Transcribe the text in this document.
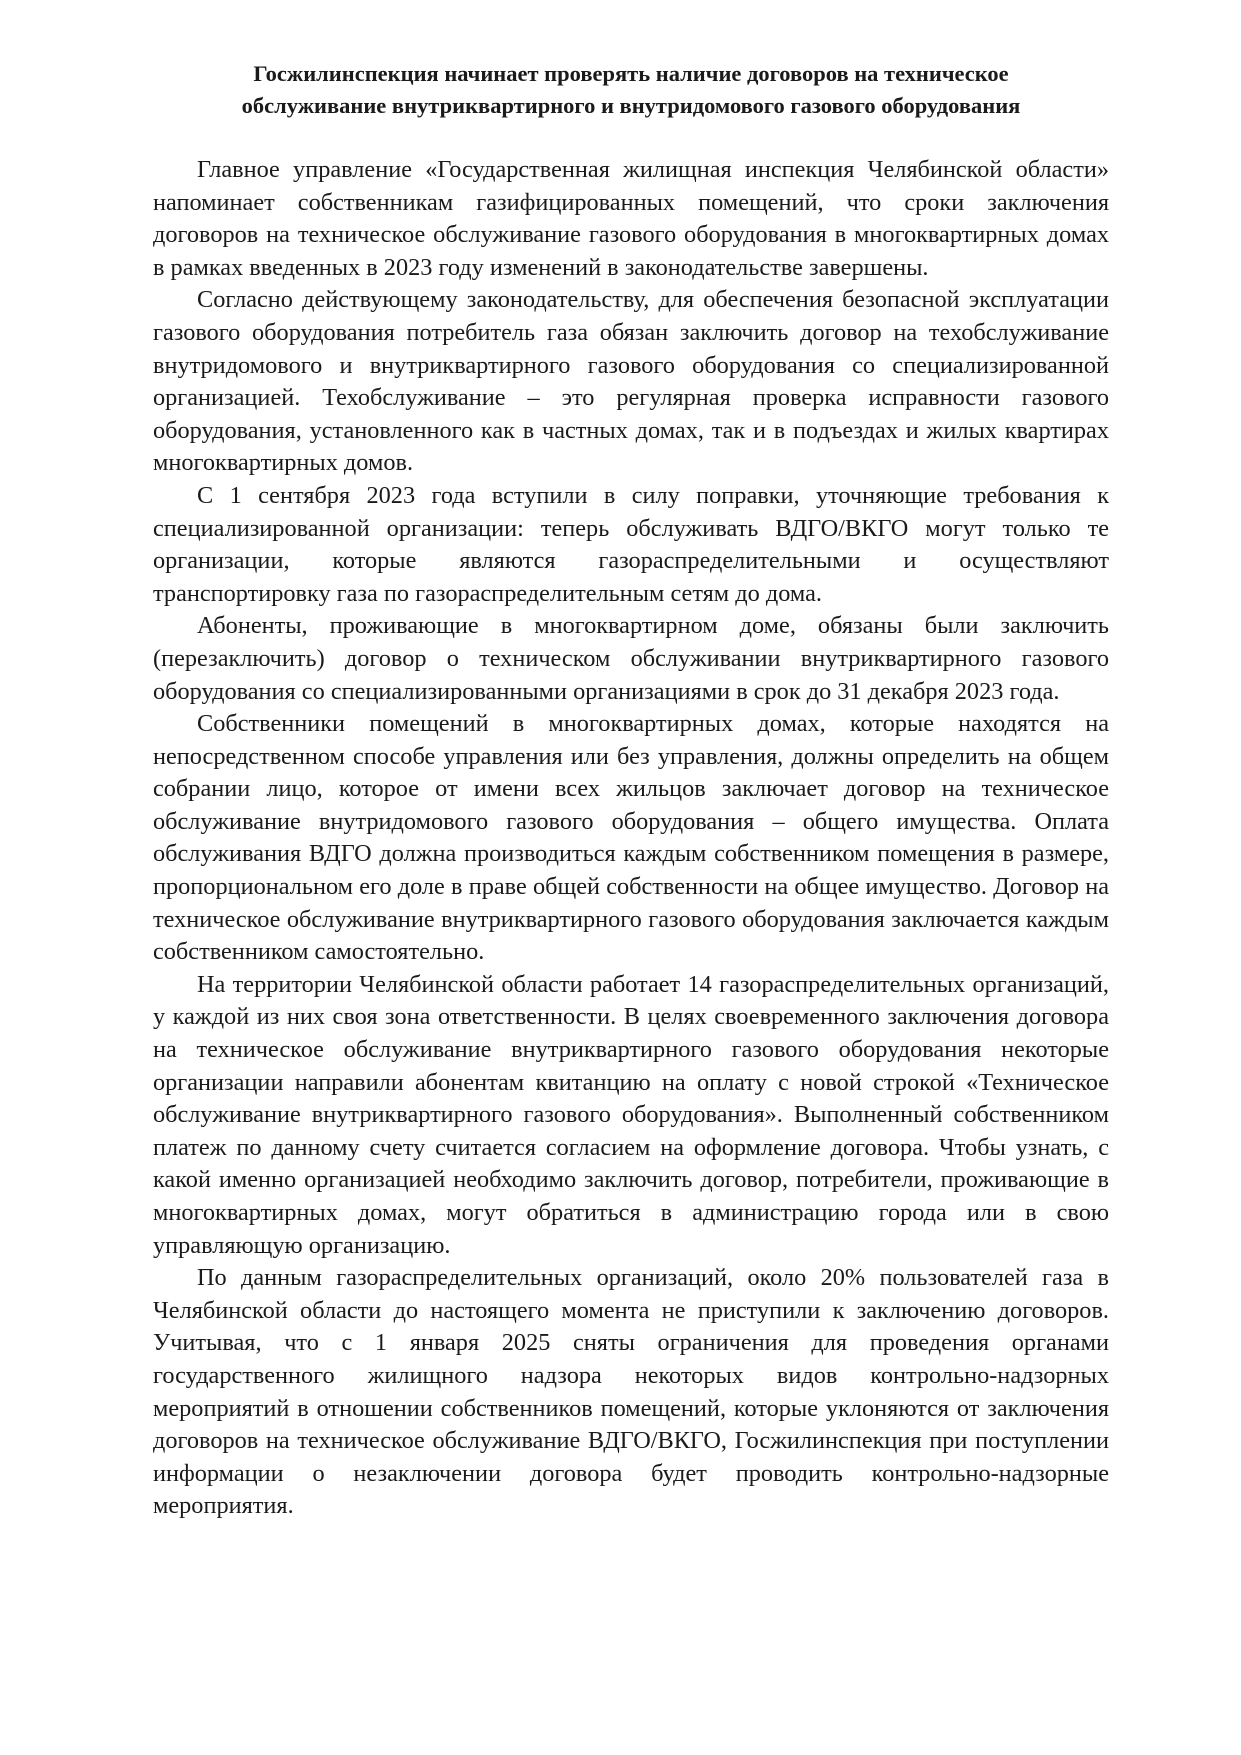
Госжилинспекция начинает проверять наличие договоров на техническое
обслуживание внутриквартирного и внутридомового газового оборудования

Главное управление «Государственная жилищная инспекция Челябинской области» напоминает собственникам газифицированных помещений, что сроки заключения договоров на техническое обслуживание газового оборудования в многоквартирных домах в рамках введенных в 2023 году изменений в законодательстве завершены.

Согласно действующему законодательству, для обеспечения безопасной эксплуатации газового оборудования потребитель газа обязан заключить договор на техобслуживание внутридомового и внутриквартирного газового оборудования со специализированной организацией. Техобслуживание – это регулярная проверка исправности газового оборудования, установленного как в частных домах, так и в подъездах и жилых квартирах многоквартирных домов.

С 1 сентября 2023 года вступили в силу поправки, уточняющие требования к специализированной организации: теперь обслуживать ВДГО/ВКГО могут только те организации, которые являются газораспределительными и осуществляют транспортировку газа по газораспределительным сетям до дома.

Абоненты, проживающие в многоквартирном доме, обязаны были заключить (перезаключить) договор о техническом обслуживании внутриквартирного газового оборудования со специализированными организациями в срок до 31 декабря 2023 года.

Собственники помещений в многоквартирных домах, которые находятся на непосредственном способе управления или без управления, должны определить на общем собрании лицо, которое от имени всех жильцов заключает договор на техническое обслуживание внутридомового газового оборудования – общего имущества. Оплата обслуживания ВДГО должна производиться каждым собственником помещения в размере, пропорциональном его доле в праве общей собственности на общее имущество. Договор на техническое обслуживание внутриквартирного газового оборудования заключается каждым собственником самостоятельно.

На территории Челябинской области работает 14 газораспределительных организаций, у каждой из них своя зона ответственности. В целях своевременного заключения договора на техническое обслуживание внутриквартирного газового оборудования некоторые организации направили абонентам квитанцию на оплату с новой строкой «Техническое обслуживание внутриквартирного газового оборудования». Выполненный собственником платеж по данному счету считается согласием на оформление договора. Чтобы узнать, с какой именно организацией необходимо заключить договор, потребители, проживающие в многоквартирных домах, могут обратиться в администрацию города или в свою управляющую организацию.

По данным газораспределительных организаций, около 20% пользователей газа в Челябинской области до настоящего момента не приступили к заключению договоров. Учитывая, что с 1 января 2025 сняты ограничения для проведения органами государственного жилищного надзора некоторых видов контрольно-надзорных мероприятий в отношении собственников помещений, которые уклоняются от заключения договоров на техническое обслуживание ВДГО/ВКГО, Госжилинспекция при поступлении информации о незаключении договора будет проводить контрольно-надзорные мероприятия.
